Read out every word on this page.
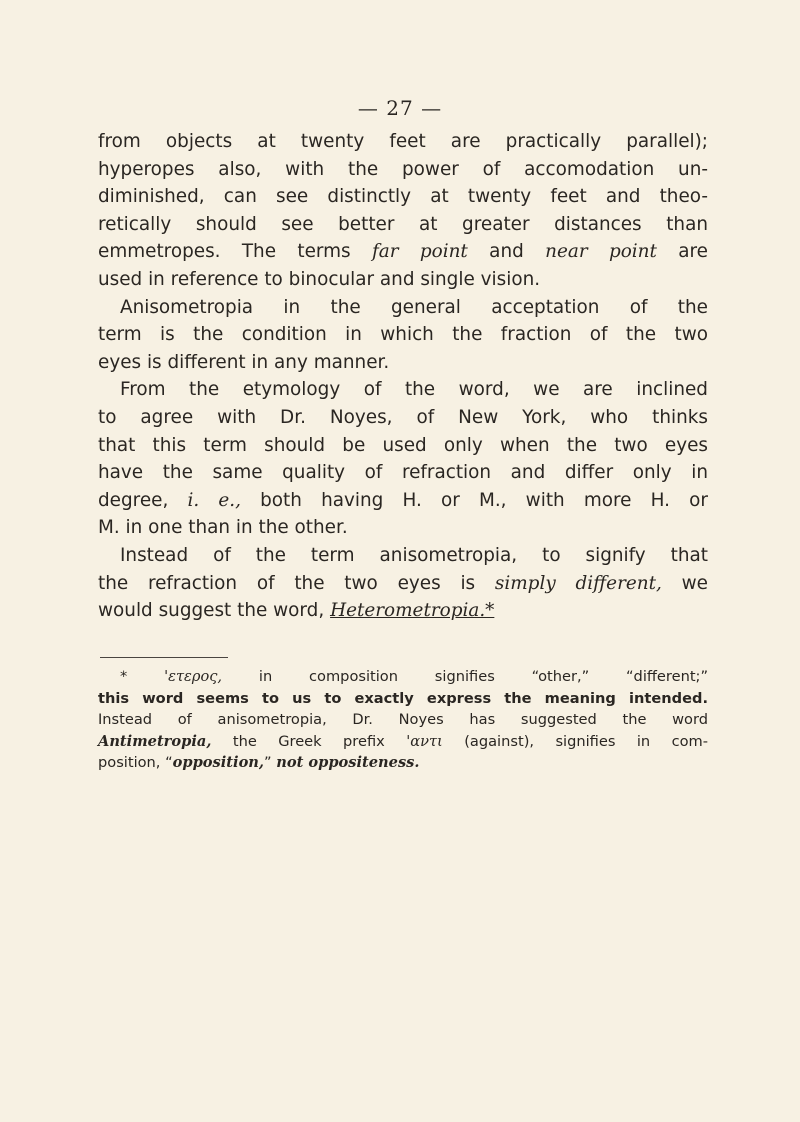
— 27 —
from objects at twenty feet are practically parallel);
hyperopes also, with the power of accomodation un-
diminished, can see distinctly at twenty feet and theo-
retically should see better at greater distances than
emmetropes. The terms far point and near point are
used in reference to binocular and single vision.
Anisometropia in the general acceptation of the
term is the condition in which the fraction of the two
eyes is different in any manner.
From the etymology of the word, we are inclined
to agree with Dr. Noyes, of New York, who thinks
that this term should be used only when the two eyes
have the same quality of refraction and differ only in
degree, i. e., both having H. or M., with more H. or
M. in one than in the other.
Instead of the term anisometropia, to signify that
the refraction of the two eyes is simply different, we
would suggest the word, Heterometropia.*
*	'ετερος,	in composition signifies “other,” “different;”
this word seems to us to exactly express the meaning intended.
Instead of anisometropia, Dr. Noyes has suggested the word
Antimetropia, the Greek prefix 'αντι (against), signifies in com-
position, “opposition,” not oppositeness.
